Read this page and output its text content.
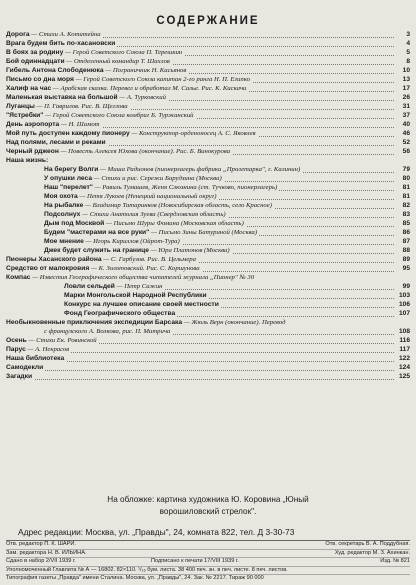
СОДЕРЖАНИЕ
Дорога — Стихи А. Котитейна	3
Врага будем бить по-хасановски	4
В боях за родину — Герой Советского Союза П. Терешкин	5
Бой одиннадцати — Отделенный командир Т. Шахлов	8
Гибель Антона Слободенюка — Пограничник Н. Касьянов	10
Письмо со дна моря — Герой Советского Союза капитан 2-го ранга Н. П. Египко	13
Халиф на час — Арабская сказка. Перевел и обработал М. Салье. Рис. К. Кискачи	17
Маленькая выставка на большой — А. Турковский	26
Луганцы — П. Гаврилов. Рис. В. Щеглова	31
"Ястребки" — Герой Советского Союза комбриг Б. Туржанский	37
День аэропорта — Н. Шамот	40
Мой путь доступен каждому пионеру — Конструктор-орденоносец А. С. Яковлев	46
Над полями, лесами и реками	52
Черный рджеон — Повесть Алексея Юхова (окончание). Рис. Б. Винокурова	56
Наша жизнь:
На берегу Волги — Миша Радионов (пионерлагерь фабрики „Пролетарка", г. Калинин)	79
У опушки леса — Стихи и рис. Сережи Барудзина (Москва)	80
Наш "перелет" — Равиль Тумашев, Женя Слюзнина (ст. Тучково, пионерлагерь)	81
Моя охота — Петя Лукоев (Ненецкий национальный округ)	81
На рыбалке — Владимир Татаринков (Новосибирская область, село Красное)	82
Подсолнух — Стихи Анатолия Зуева (Свердловская область)	83
Дым под Москвой — Письмо Шуры Фомина (Московская область)	85
Будем "мастерами на все руки" — Письмо Зины Батуриной (Москва)	86
Мое мнение — Игорь Кириллов (Ойрот-Тура)	87
Джек будет служить на границе — Юра Платонов (Москва)	88
Пионеры Хасанского района — С. Гарбузов. Рис. В. Цельмера	89
Средство от малокровия — К. Золотовский. Рис. С. Коршунова	95
Компас — Известия Географического общества читателей журнала „Пионер" № 30
Ловли сельдей — Петр Сажин	99
Марки Монгольской Народной Республики	103
Конкурс на лучшее описание своей местности	106
Фонд Географического общества	107
Необыкновенные приключения экспедиции Барсака — Жюль Верн (окончание). Перевод
с французского А. Волкова, рис. П. Митрича	108
Осень — Стихи Ек. Ровинской	116
Парус — А. Некрасов	117
Наша библиотека	122
Самодекли	124
Загадки	125
На обложке: картина художника Ю. Коровина „Юный
ворошиловский стрелок".
Адрес редакции: Москва, ул. „Правды", 24, комната 822, тел. Д 3-30-73
Отв. редактор П. К. ШАРИ.	Отв. секретарь В. А. Поддубная.
Зам. редактора Н. В. ИЛЬИНА.	Худ. редактор М. З. Ахинкан.
Сдано в набор 2/VII 1939 г.	Подписано к печати 17/VIII 1939 г.	Изд. № 821
Уполномоченный Главлита № А — 16802. 82×110. ¹/₁₆ бум. листа. 38 400 печ. зн. в печ. листе. 8 печ. листов.
Типография газеты „Правда" имени Сталина. Москва, ул. „Правды", 24. Зак. № 2217. Тираж 90 000
